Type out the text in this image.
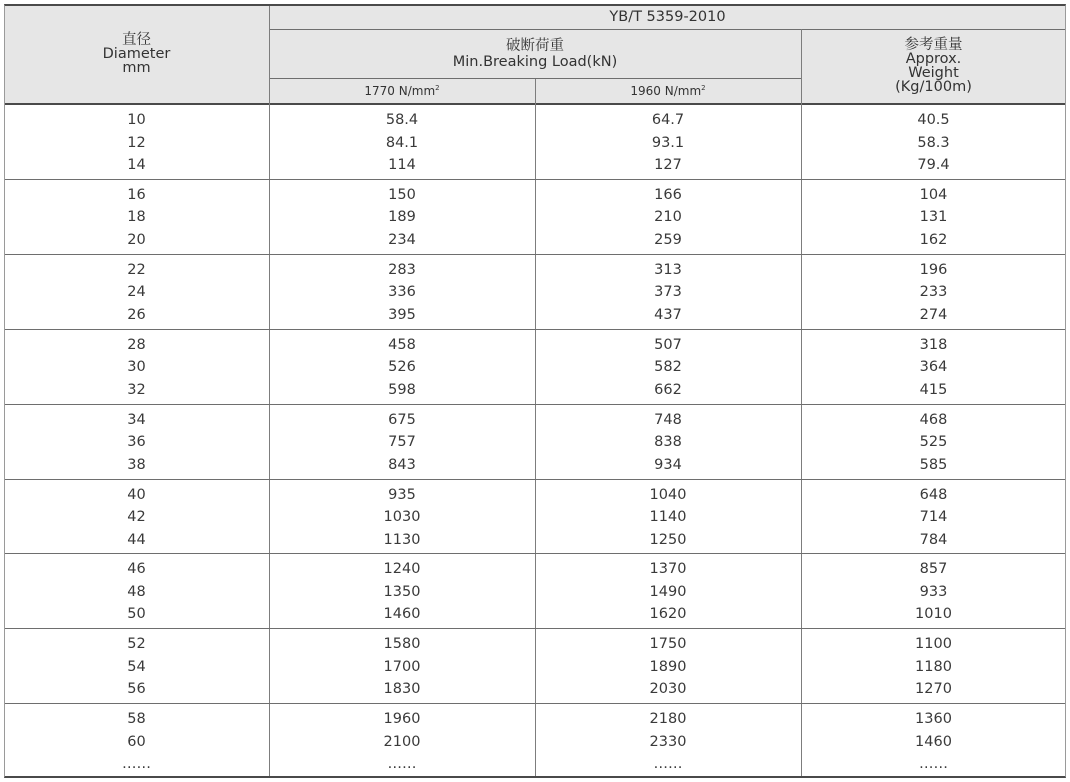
YB/T 5359-2010
直径
Diameter
mm
破断荷重
Min.Breaking Load(kN)
1770 $N/mm^2$	1960 $N/mm^2$
参考重量
Approx.
Weight
(Kg/100m)
10	58.4	64.7	40.5
12	84.1	93.1	58.3
14	114	127	79.4
16	150	166	104
18	189	210	131
20	234	259	162
22	283	313	196
24	336	373	233
26	395	437	274
28	458	507	318
30	526	582	364
32	598	662	415
34	675	748	468
36	757	838	525
38	843	934	585
40	935	1040	648
42	1030	1140	714
44	1130	1250	784
46	1240	1370	857
48	1350	1490	933
50	1460	1620	1010
52	1580	1750	1100
54	1700	1890	1180
56	1830	2030	1270
58	1960	2180	1360
60	2100	2330	1460
……	……	……	……
